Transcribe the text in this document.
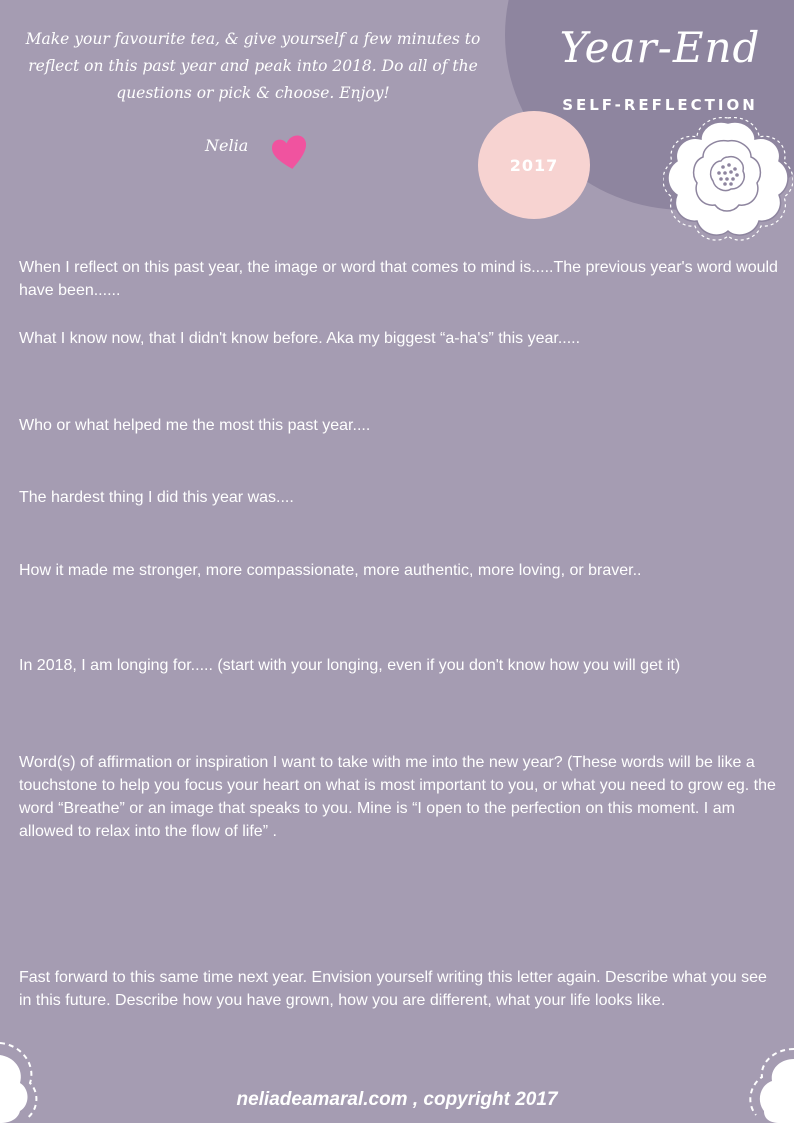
Make your favourite tea, & give yourself a few minutes to
reflect on this past year and peak into 2018. Do all of the
questions or pick & choose. Enjoy!
Nelia
Year-End
SELF-REFLECTION
2017

When I reflect on this past year, the image or word that comes to mind is.....The previous year's word would have been......

What I know now, that I didn't know before. Aka my biggest “a-ha's” this year.....

Who or what helped me the most this past year....

The hardest thing I did this year was....

How it made me stronger, more compassionate, more authentic, more loving, or braver..

In 2018, I am longing for..... (start with your longing, even if you don't know how you will get it)

Word(s) of affirmation or inspiration I want to take with me into the new year? (These words will be like a touchstone to help you focus your heart on what is most important to you, or what you need to grow eg. the word “Breathe” or an image that speaks to you. Mine is “I open to the perfection on this moment. I am allowed to relax into the flow of life” .

Fast forward to this same time next year. Envision yourself writing this letter again. Describe what you see in this future. Describe how you have grown, how you are different, what your life looks like.

neliadeamaral.com , copyright 2017
